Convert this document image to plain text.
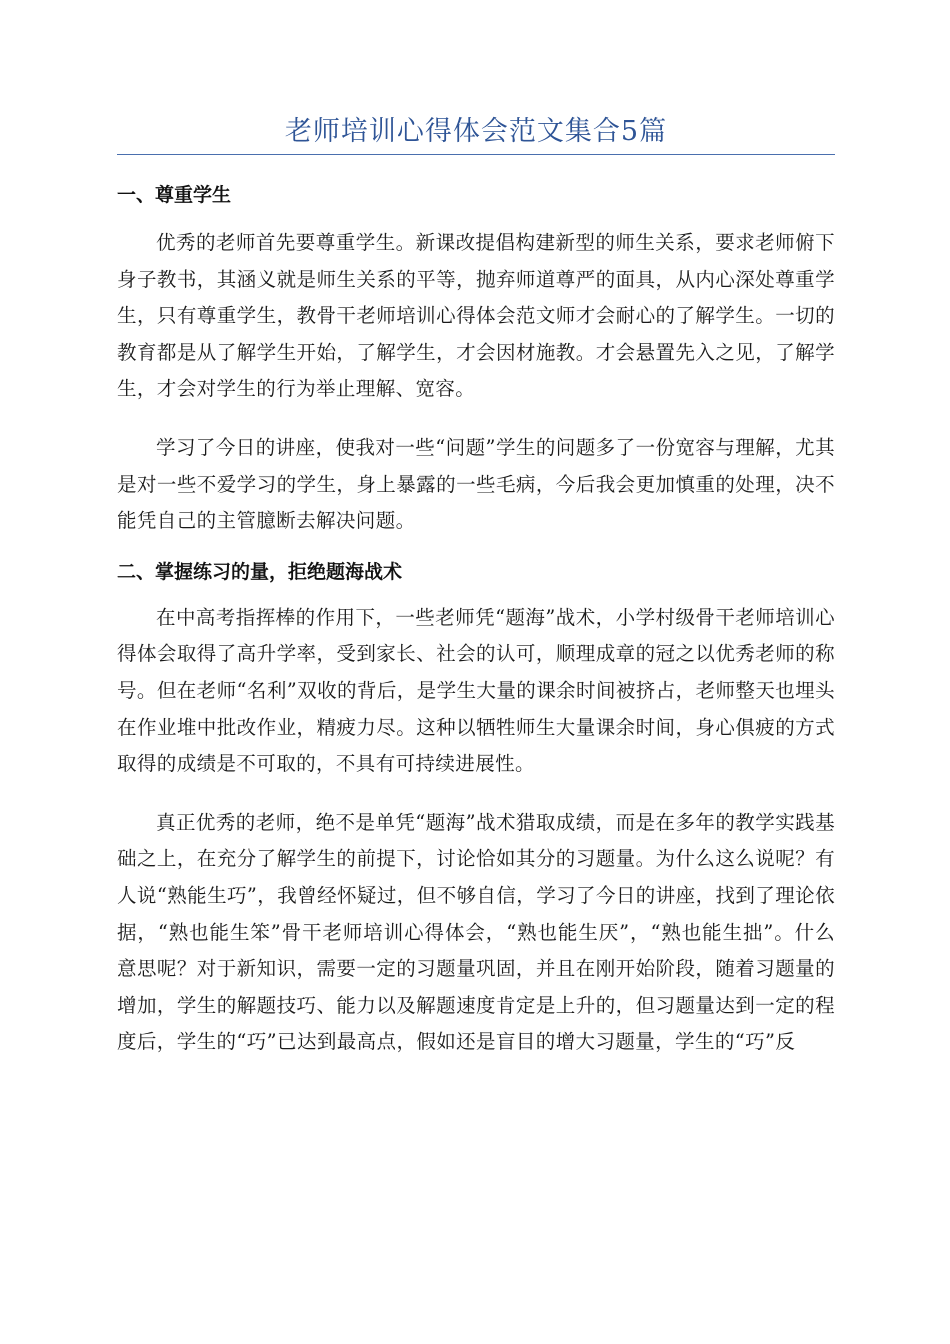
老师培训心得体会范文集合5篇
一、尊重学生

优秀的老师首先要尊重学生。新课改提倡构建新型的师生关系，要求老师俯下身子教书，其涵义就是师生关系的平等，抛弃师道尊严的面具，从内心深处尊重学生，只有尊重学生，教骨干老师培训心得体会范文师才会耐心的了解学生。一切的教育都是从了解学生开始，了解学生，才会因材施教。才会悬置先入之见，了解学生，才会对学生的行为举止理解、宽容。

学习了今日的讲座，使我对一些“问题”学生的问题多了一份宽容与理解，尤其是对一些不爱学习的学生，身上暴露的一些毛病，今后我会更加慎重的处理，决不能凭自己的主管臆断去解决问题。

二、掌握练习的量，拒绝题海战术

在中高考指挥棒的作用下，一些老师凭“题海”战术，小学村级骨干老师培训心得体会取得了高升学率，受到家长、社会的认可，顺理成章的冠之以优秀老师的称号。但在老师“名利”双收的背后，是学生大量的课余时间被挤占，老师整天也埋头在作业堆中批改作业，精疲力尽。这种以牺牲师生大量课余时间，身心俱疲的方式取得的成绩是不可取的，不具有可持续进展性。

真正优秀的老师，绝不是单凭“题海”战术猎取成绩，而是在多年的教学实践基础之上，在充分了解学生的前提下，讨论恰如其分的习题量。为什么这么说呢？有人说“熟能生巧”，我曾经怀疑过，但不够自信，学习了今日的讲座，找到了理论依据，“熟也能生笨”骨干老师培训心得体会，“熟也能生厌”，“熟也能生拙”。什么意思呢？对于新知识，需要一定的习题量巩固，并且在刚开始阶段，随着习题量的增加，学生的解题技巧、能力以及解题速度肯定是上升的，但习题量达到一定的程度后，学生的“巧”已达到最高点，假如还是盲目的增大习题量，学生的“巧”反
